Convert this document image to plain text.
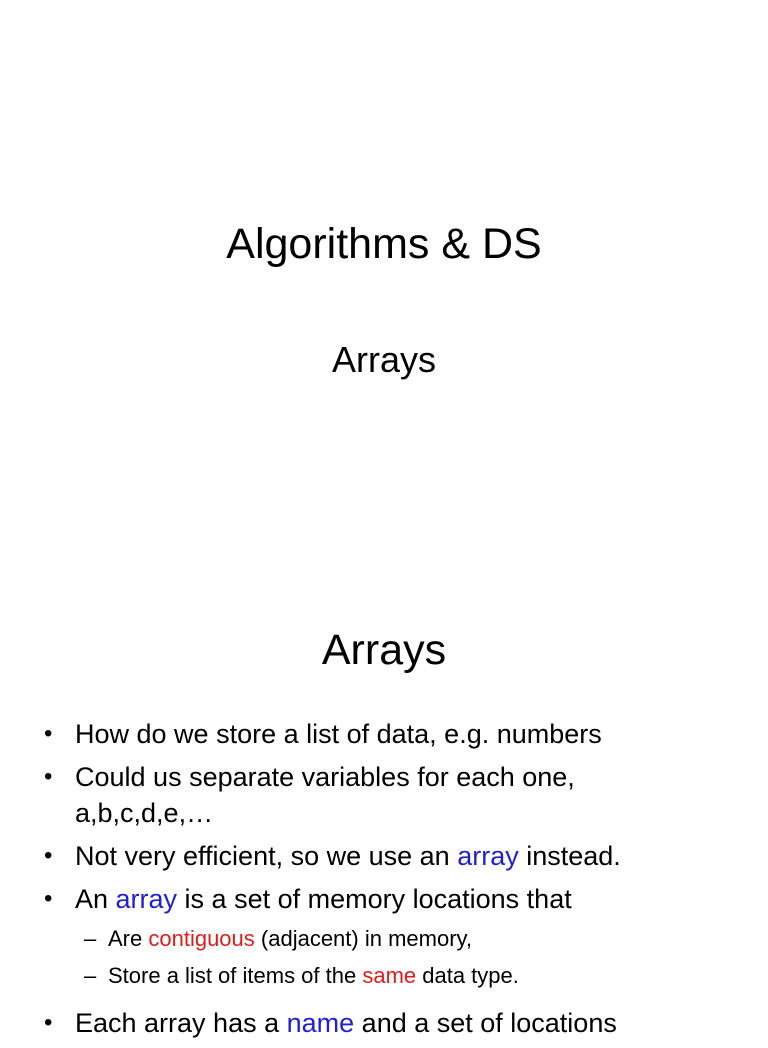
Algorithms & DS
Arrays
Arrays
• How do we store a list of data, e.g. numbers
• Could us separate variables for each one,
a,b,c,d,e,…
• Not very efficient, so we use an array instead.
• An array is a set of memory locations that
– Are contiguous (adjacent) in memory,
– Store a list of items of the same data type.
• Each array has a name and a set of locations
